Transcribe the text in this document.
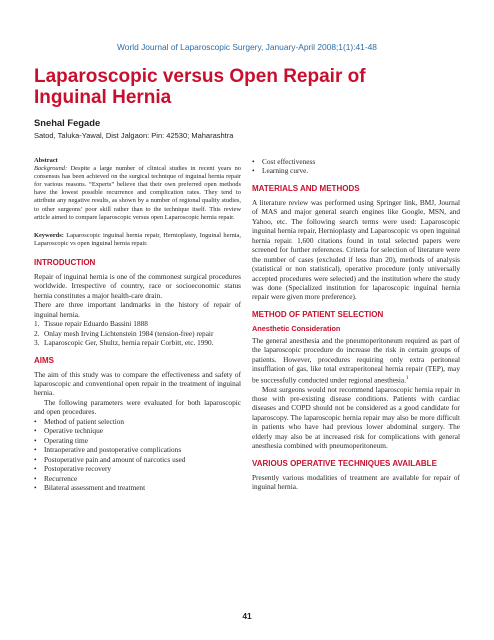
World Journal of Laparoscopic Surgery, January-April 2008;1(1):41-48
Laparoscopic versus Open Repair of
Inguinal Hernia
Snehal Fegade
Satod, Taluka-Yawal, Dist Jalgaon: Pin: 42530; Maharashtra
Abstract

Background: Despite a large number of clinical studies in recent years no consensus has been achieved on the surgical technique of inguinal hernia repair for various reasons. “Experts” believe that their own preferred open methods have the lowest possible recurrence and complication rates. They tend to attribute any negative results, as shown by a number of regional quality studies, to other surgeons’ poor skill rather than to the technique itself. This review article aimed to compare laparoscopic versus open Laparoscopic hernia repair.

Keywords: Laparoscopic inguinal hernia repair, Hernioplasty, Inguinal hernia, Laparoscopic vs open inguinal hernia repair.

INTRODUCTION
Repair of inguinal hernia is one of the commonest surgical procedures worldwide. Irrespective of country, race or socioeconomic status hernia constitutes a major health-care drain.
There are three important landmarks in the history of repair of inguinal hernia.
1. Tissue repair Eduardo Bassini 1888
2. Onlay mesh Irving Lichtenstein 1984 (tension-free) repair
3. Laparoscopic Ger, Shultz, hernia repair Corbitt, etc. 1990.
AIMS
The aim of this study was to compare the effectiveness and safety of laparoscopic and conventional open repair in the treatment of inguinal hernia.
The following parameters were evaluated for both laparoscopic and open procedures.
• Method of patient selection
• Operative technique
• Operating time
• Intraoperative and postoperative complications
• Postoperative pain and amount of narcotics used
• Postoperative recovery
• Recurrence
• Bilateral assessment and treatment
• Cost effectiveness
• Learning curve.
MATERIALS AND METHODS
A literature review was performed using Springer link, BMJ, Journal of MAS and major general search engines like Google, MSN, and Yahoo, etc. The following search terms were used: Laparoscopic inguinal hernia repair, Hernioplasty and Laparoscopic vs open inguinal hernia repair. 1,600 citations found in total selected papers were screened for further references. Criteria for selection of literature were the number of cases (excluded if less than 20), methods of analysis (statistical or non statistical), operative procedure (only universally accepted procedures were selected) and the institution where the study was done (Specialized institution for laparoscopic inguinal hernia repair were given more preference).
METHOD OF PATIENT SELECTION
Anesthetic Consideration
The general anesthesia and the pneumoperitoneum required as part of the laparoscopic procedure do increase the risk in certain groups of patients. However, procedures requiring only extra peritoneal insufflation of gas, like total extraperitoneal hernia repair (TEP), may be successfully conducted under regional anesthesia.$^1$
Most surgeons would not recommend laparoscopic hernia repair in those with pre-existing disease conditions. Patients with cardiac diseases and COPD should not be considered as a good candidate for laparoscopy. The laparoscopic hernia repair may also be more difficult in patients who have had previous lower abdominal surgery. The elderly may also be at increased risk for complications with general anesthesia combined with pneumoperitoneum.
VARIOUS OPERATIVE TECHNIQUES AVAILABLE
Presently various modalities of treatment are available for repair of inguinal hernia.
41
